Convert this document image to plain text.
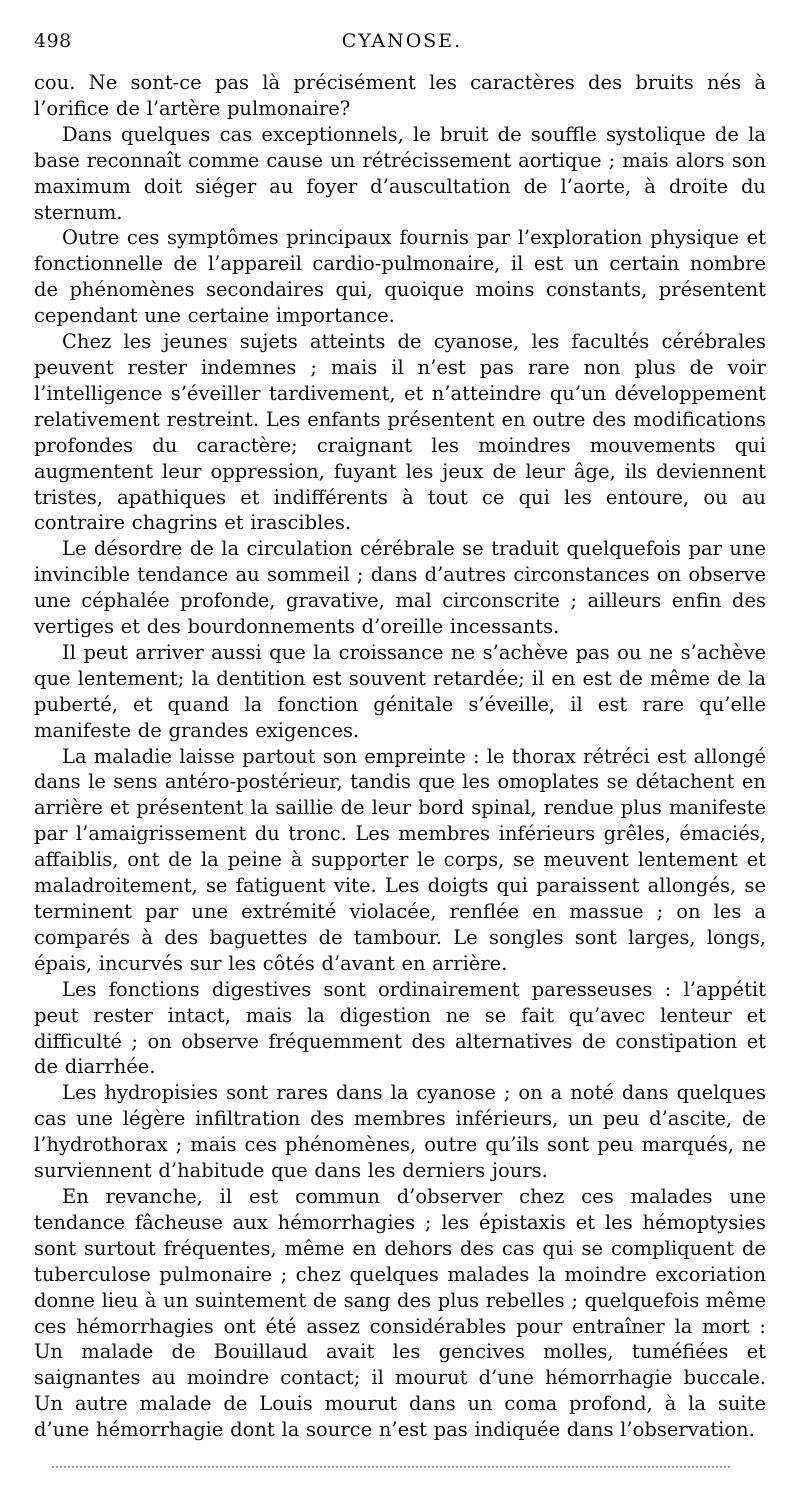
498	CYANOSE.

cou. Ne sont-ce pas là précisément les caractères des bruits nés à l’orifice de l’artère pulmonaire?

Dans quelques cas exceptionnels, le bruit de souffle systolique de la base reconnaît comme cause un rétrécissement aortique ; mais alors son maximum doit siéger au foyer d’auscultation de l’aorte, à droite du sternum.

Outre ces symptômes principaux fournis par l’exploration physique et fonctionnelle de l’appareil cardio-pulmonaire, il est un certain nombre de phénomènes secondaires qui, quoique moins constants, présentent cependant une certaine importance.

Chez les jeunes sujets atteints de cyanose, les facultés cérébrales peuvent rester indemnes ; mais il n’est pas rare non plus de voir l’intelligence s’éveiller tardivement, et n’atteindre qu’un développement relativement restreint. Les enfants présentent en outre des modifications profondes du caractère; craignant les moindres mouvements qui augmentent leur oppression, fuyant les jeux de leur âge, ils deviennent tristes, apathiques et indifférents à tout ce qui les entoure, ou au contraire chagrins et irascibles.

Le désordre de la circulation cérébrale se traduit quelquefois par une invincible tendance au sommeil ; dans d’autres circonstances on observe une céphalée profonde, gravative, mal circonscrite ; ailleurs enfin des vertiges et des bourdonnements d’oreille incessants.

Il peut arriver aussi que la croissance ne s’achève pas ou ne s’achève que lentement; la dentition est souvent retardée; il en est de même de la puberté, et quand la fonction génitale s’éveille, il est rare qu’elle manifeste de grandes exigences.

La maladie laisse partout son empreinte : le thorax rétréci est allongé dans le sens antéro-postérieur, tandis que les omoplates se détachent en arrière et présentent la saillie de leur bord spinal, rendue plus manifeste par l’amaigrissement du tronc. Les membres inférieurs grêles, émaciés, affaiblis, ont de la peine à supporter le corps, se meuvent lentement et maladroitement, se fatiguent vite. Les doigts qui paraissent allongés, se terminent par une extrémité violacée, renflée en massue ; on les a comparés à des baguettes de tambour. Le songles sont larges, longs, épais, incurvés sur les côtés d’avant en arrière.

Les fonctions digestives sont ordinairement paresseuses : l’appétit peut rester intact, mais la digestion ne se fait qu’avec lenteur et difficulté ; on observe fréquemment des alternatives de constipation et de diarrhée.

Les hydropisies sont rares dans la cyanose ; on a noté dans quelques cas une légère infiltration des membres inférieurs, un peu d’ascite, de l’hydrothorax ; mais ces phénomènes, outre qu’ils sont peu marqués, ne surviennent d’habitude que dans les derniers jours.

En revanche, il est commun d’observer chez ces malades une tendance fâcheuse aux hémorrhagies ; les épistaxis et les hémoptysies sont surtout fréquentes, même en dehors des cas qui se compliquent de tuberculose pulmonaire ; chez quelques malades la moindre excoriation donne lieu à un suintement de sang des plus rebelles ; quelquefois même ces hémorrhagies ont été assez considérables pour entraîner la mort : Un malade de Bouillaud avait les gencives molles, tuméfiées et saignantes au moindre contact; il mourut d’une hémorrhagie buccale. Un autre malade de Louis mourut dans un coma profond, à la suite d’une hémorrhagie dont la source n’est pas indiquée dans l’observation.
